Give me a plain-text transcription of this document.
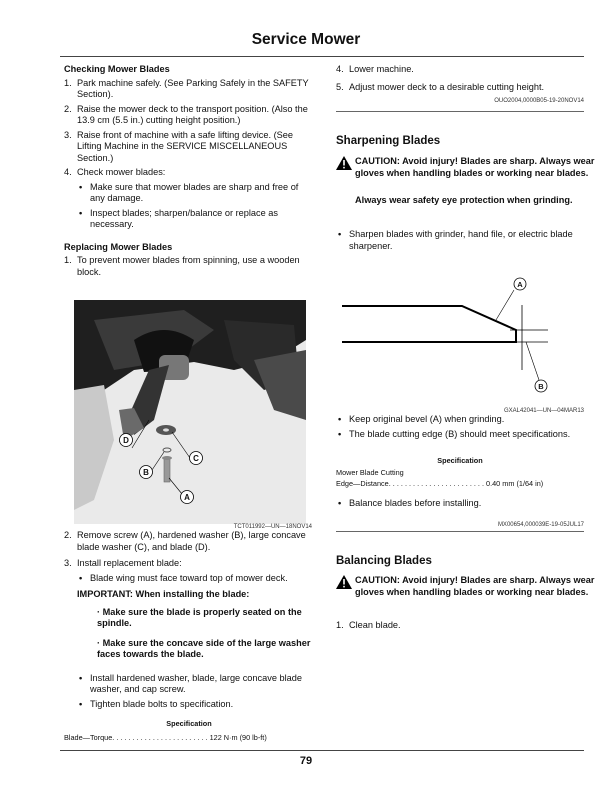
Service Mower
Checking Mower Blades
1. Park machine safely. (See Parking Safely in the SAFETY Section).
2. Raise the mower deck to the transport position. (Also the 13.9 cm (5.5 in.) cutting height position.)
3. Raise front of machine with a safe lifting device. (See Lifting Machine in the SERVICE MISCELLANEOUS Section.)
4. Check mower blades:
• Make sure that mower blades are sharp and free of any damage.
• Inspect blades; sharpen/balance or replace as necessary.
Replacing Mower Blades
1. To prevent mower blades from spinning, use a wooden block.
D
C
B
A
TCT011992—UN—18NOV14
2. Remove screw (A), hardened washer (B), large concave blade washer (C), and blade (D).
3. Install replacement blade:
• Blade wing must face toward top of mower deck.
IMPORTANT: When installing the blade:
· Make sure the blade is properly seated on the spindle.
· Make sure the concave side of the large washer faces towards the blade.
• Install hardened washer, blade, large concave blade washer, and cap screw.
• Tighten blade bolts to specification.
Specification
Blade—Torque. . . . . . . . . . . . . . . . . . . . . . . . 122 N·m (90 lb-ft)
4. Lower machine.
5. Adjust mower deck to a desirable cutting height.
OUO2004,0000B05-19-20NOV14
Sharpening Blades
CAUTION: Avoid injury! Blades are sharp. Always wear gloves when handling blades or working near blades.
Always wear safety eye protection when grinding.
• Sharpen blades with grinder, hand file, or electric blade sharpener.
A
B
GXAL42041—UN—04MAR13
• Keep original bevel (A) when grinding.
• The blade cutting edge (B) should meet specifications.
Specification
Mower Blade Cutting
Edge—Distance. . . . . . . . . . . . . . . . . . . . . . . . 0.40 mm (1/64 in)
• Balance blades before installing.
MX00654,000039E-19-05JUL17
Balancing Blades
CAUTION: Avoid injury! Blades are sharp. Always wear gloves when handling blades or working near blades.
1. Clean blade.
79
